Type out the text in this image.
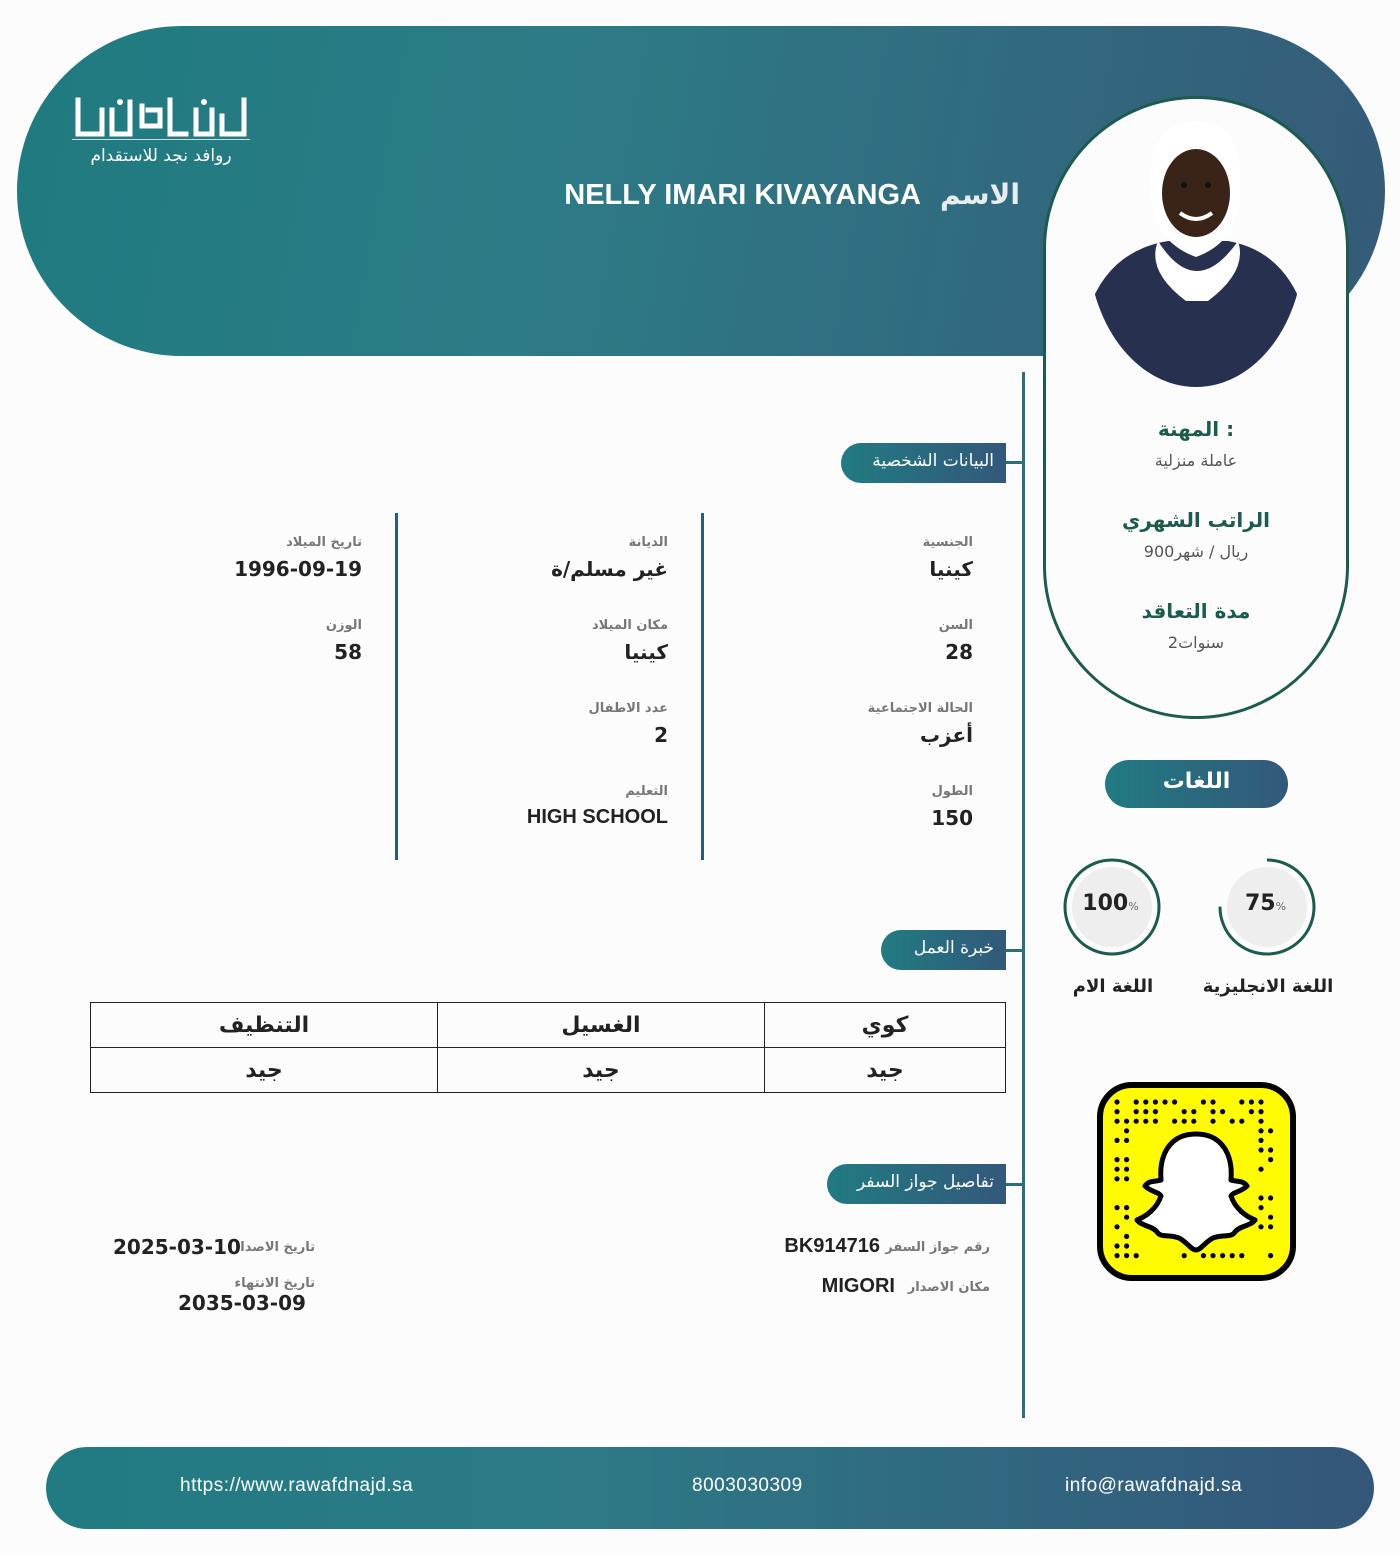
روافد نجد للاستقدام
الاسم NELLY IMARI KIVAYANGA
المهنة :
عاملة منزلية
الراتب الشهري
900ريال / شهر
مدة التعاقد
2سنوات
البيانات الشخصية
الجنسية
كينيا
السن
28
الحالة الاجتماعية
أعزب
الطول
150
الديانة
غير مسلم/ة
مكان الميلاد
كينيا
عدد الاطفال
2
التعليم
HIGH SCHOOL
تاريخ الميلاد
1996-09-19
الوزن
58
خبرة العمل
كوي	الغسيل	التنظيف
جيد	جيد	جيد
تفاصيل جواز السفر
رقم جواز السفر
BK914716
مكان الاصدار
MIGORI
تاريخ الاصدار
2025-03-10
تاريخ الانتهاء
2035-03-09
اللغات
75%
اللغة الانجليزية
100%
اللغة الام
https://www.rawafdnajd.sa	8003030309	info@rawafdnajd.sa
